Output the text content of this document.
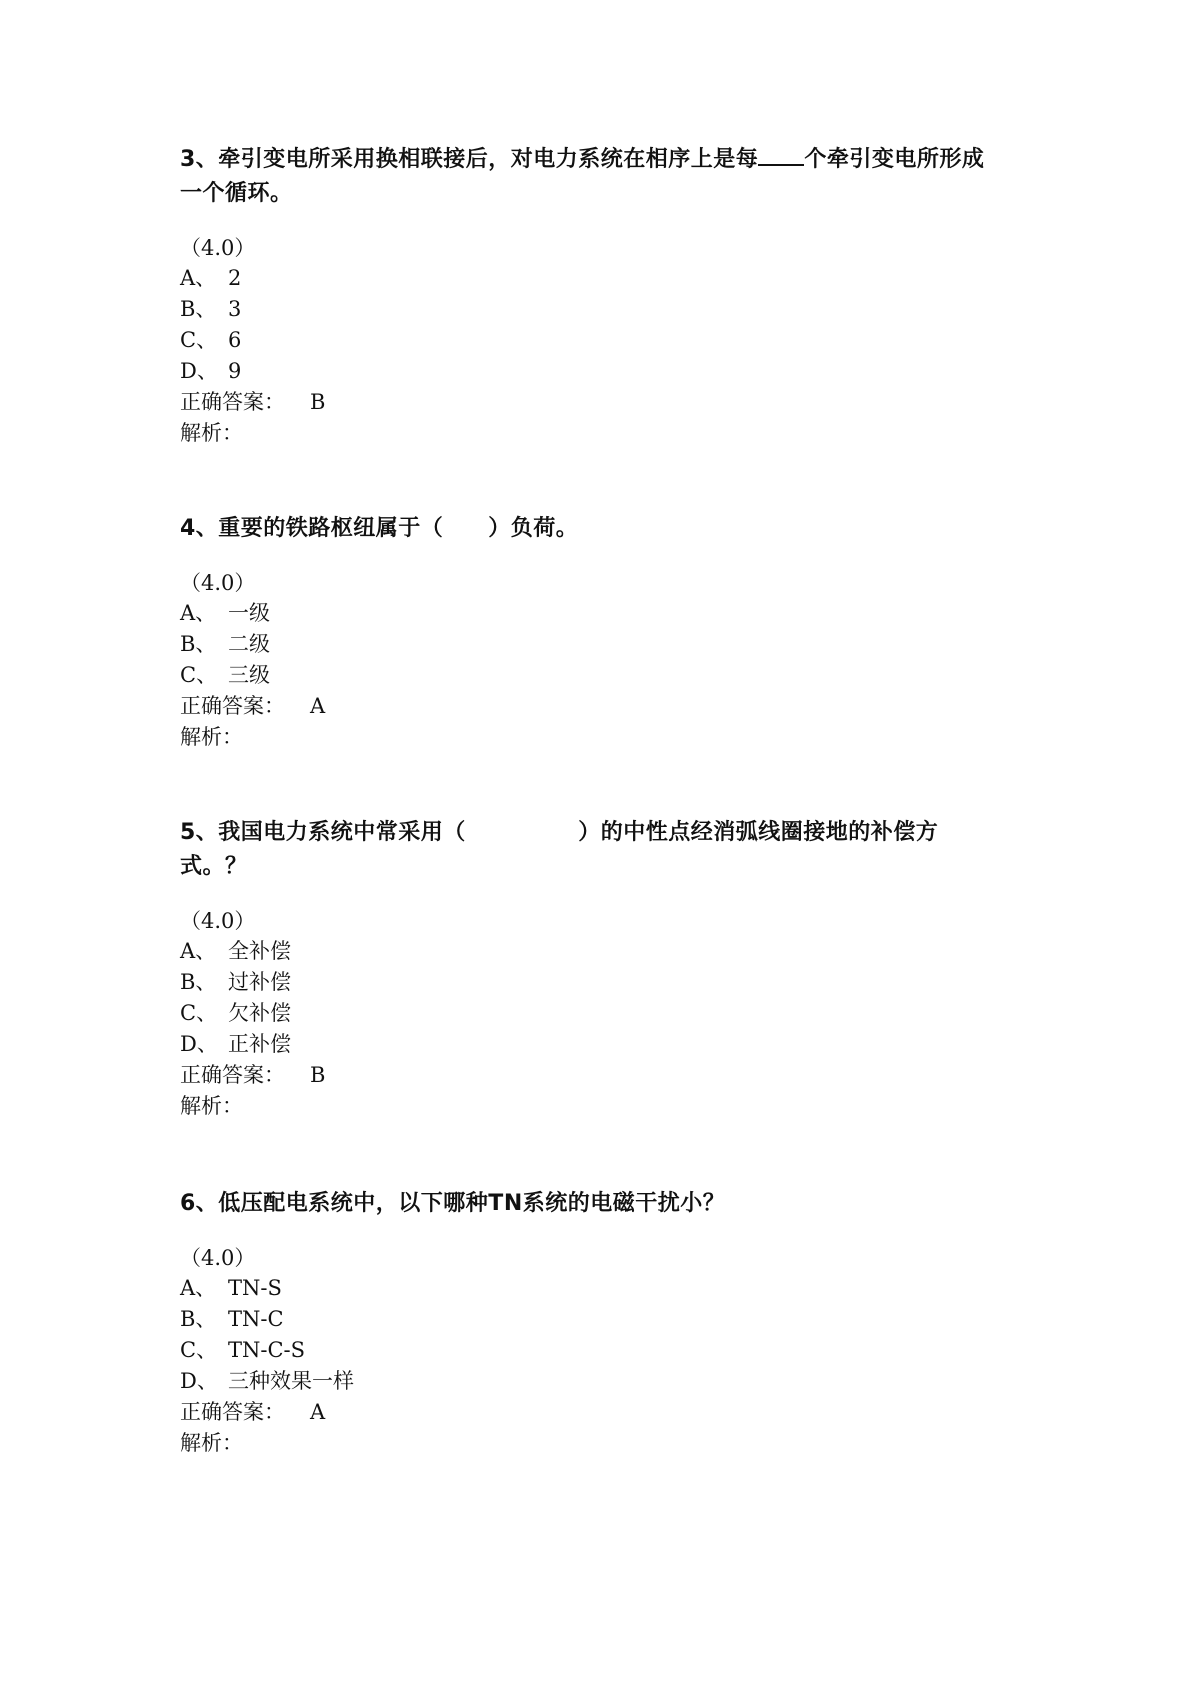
3、牵引变电所采用换相联接后，对电力系统在相序上是每 个牵引变电所形成一个循环。

（4.0）
A、 2
B、 3
C、 6
D、 9
正确答案： B
解析：

4、重要的铁路枢纽属于（　　）负荷。

（4.0）
A、 一级
B、 二级
C、 三级
正确答案： A
解析：

5、我国电力系统中常采用（　　　　　）的中性点经消弧线圈接地的补偿方式。？

（4.0）
A、 全补偿
B、 过补偿
C、 欠补偿
D、 正补偿
正确答案： B
解析：

6、低压配电系统中，以下哪种TN系统的电磁干扰小？

（4.0）
A、 TN-S
B、 TN-C
C、 TN-C-S
D、 三种效果一样
正确答案： A
解析：
